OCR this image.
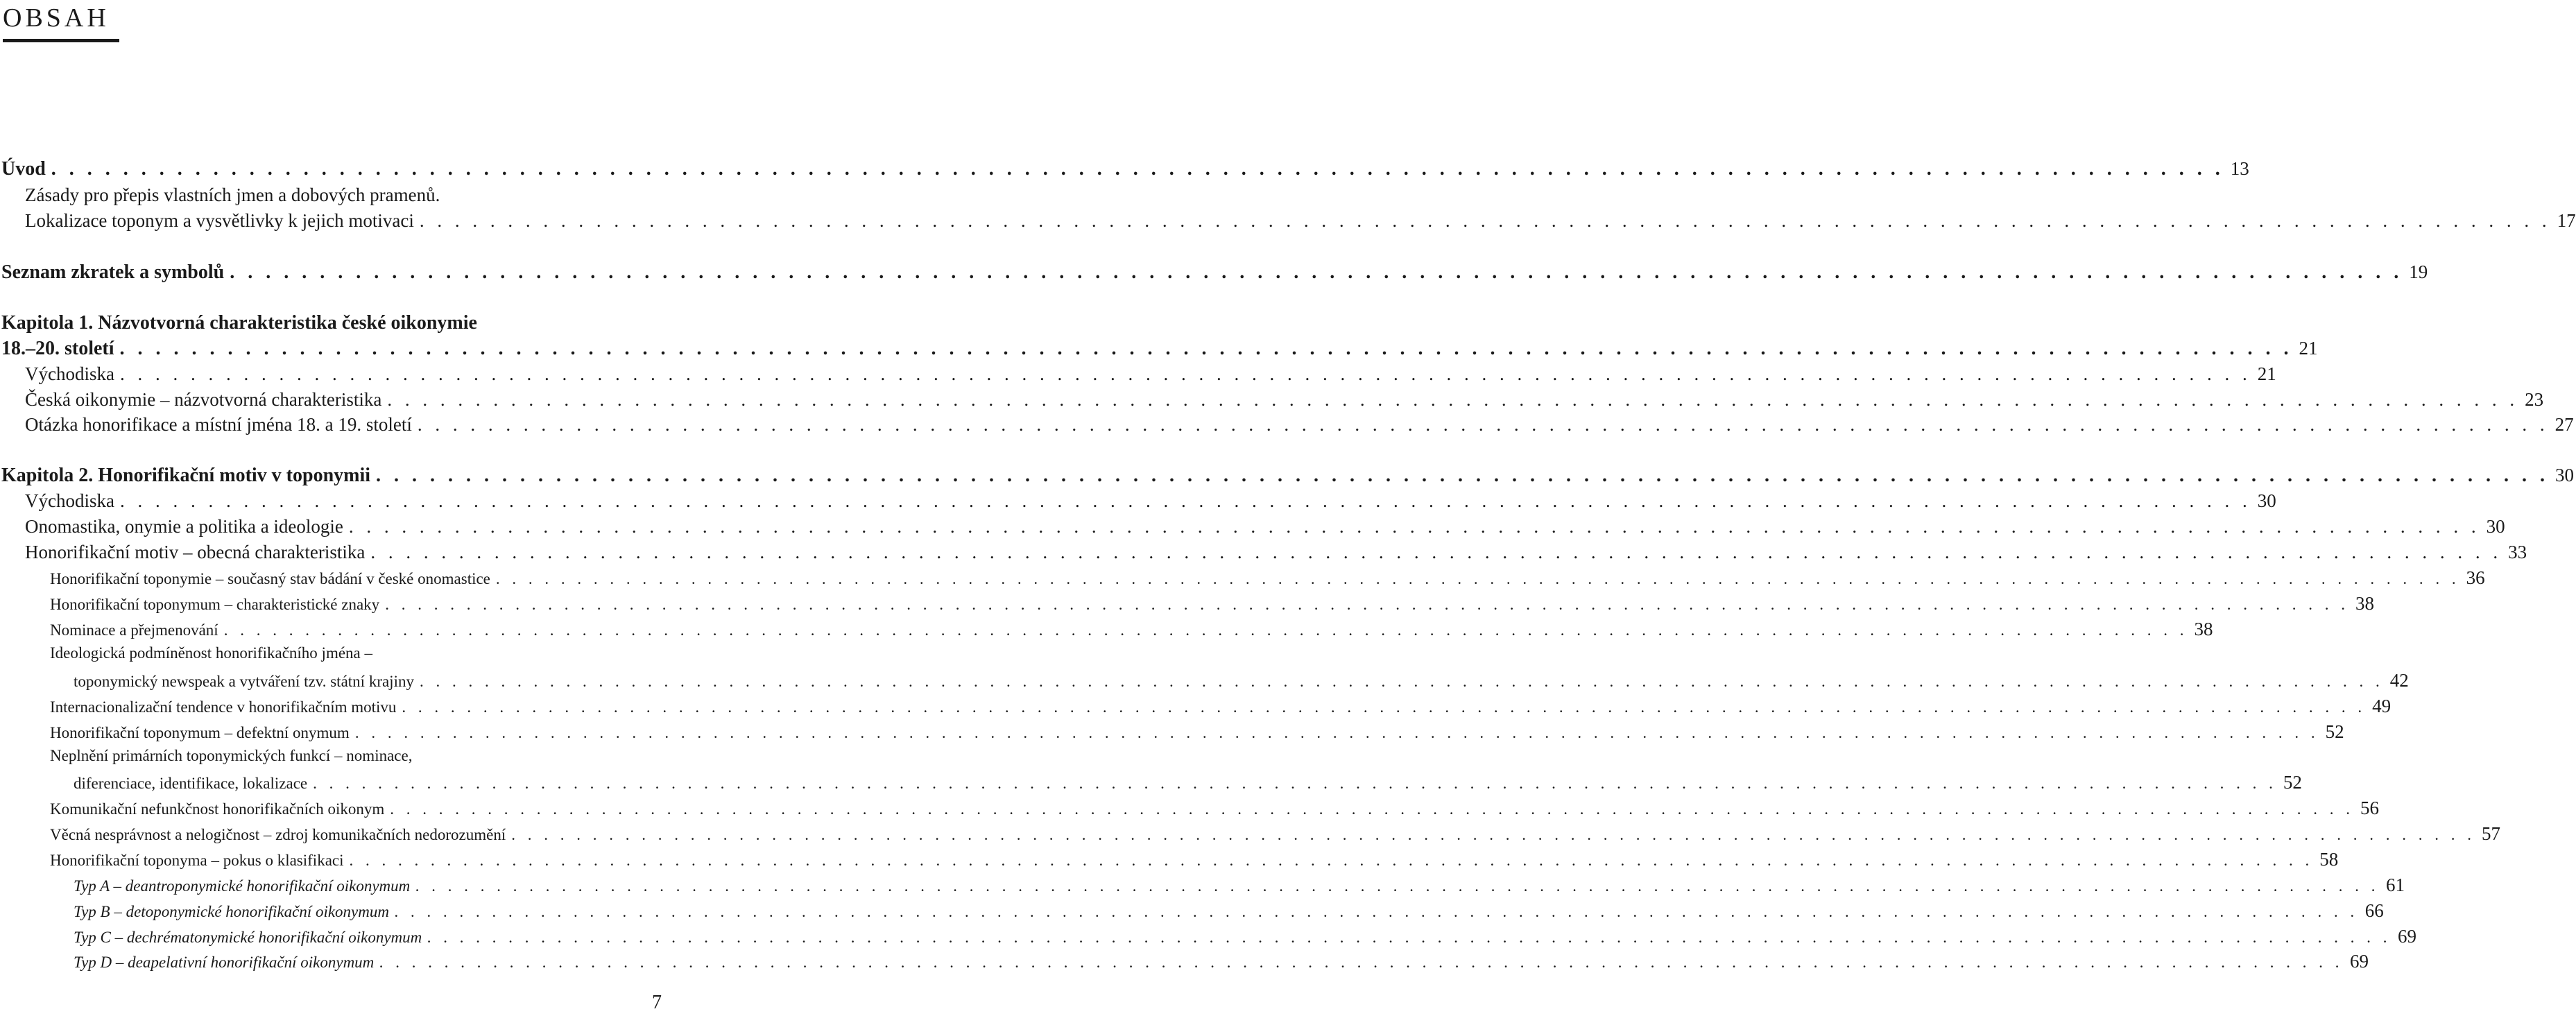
OBSAH
Úvod . . .	13
Zásady pro přepis vlastních jmen a dobových pramenů.
Lokalizace toponym a vysvětlivky k jejich motivaci . . .	17
Seznam zkratek a symbolů . . .	19
Kapitola 1. Názvotvorná charakteristika české oikonymie
18.–20. století . . .	21
Východiska . . .	21
Česká oikonymie – názvotvorná charakteristika . . .	23
Otázka honorifikace a místní jména 18. a 19. století . . .	27
Kapitola 2. Honorifikační motiv v toponymii . . .	30
Východiska . . .	30
Onomastika, onymie a politika a ideologie . . .	30
Honorifikační motiv – obecná charakteristika . . .	33
Honorifikační toponymie – současný stav bádání v české onomastice . . .	36
Honorifikační toponymum – charakteristické znaky . . .	38
Nominace a přejmenování . . .	38
Ideologická podmíněnost honorifikačního jména –
toponymický newspeak a vytváření tzv. státní krajiny . . .	42
Internacionalizační tendence v honorifikačním motivu . . .	49
Honorifikační toponymum – defektní onymum . . .	52
Neplnění primárních toponymických funkcí – nominace,
diferenciace, identifikace, lokalizace . . .	52
Komunikační nefunkčnost honorifikačních oikonym . . .	56
Věcná nesprávnost a nelogičnost – zdroj komunikačních nedorozumění . . .	57
Honorifikační toponyma – pokus o klasifikaci . . .	58
Typ A – deantroponymické honorifikační oikonymum . . .	61
Typ B – detoponymické honorifikační oikonymum . . .	66
Typ C – dechrématonymické honorifikační oikonymum . . .	69
Typ D – deapelativní honorifikační oikonymum . . .	69
7
